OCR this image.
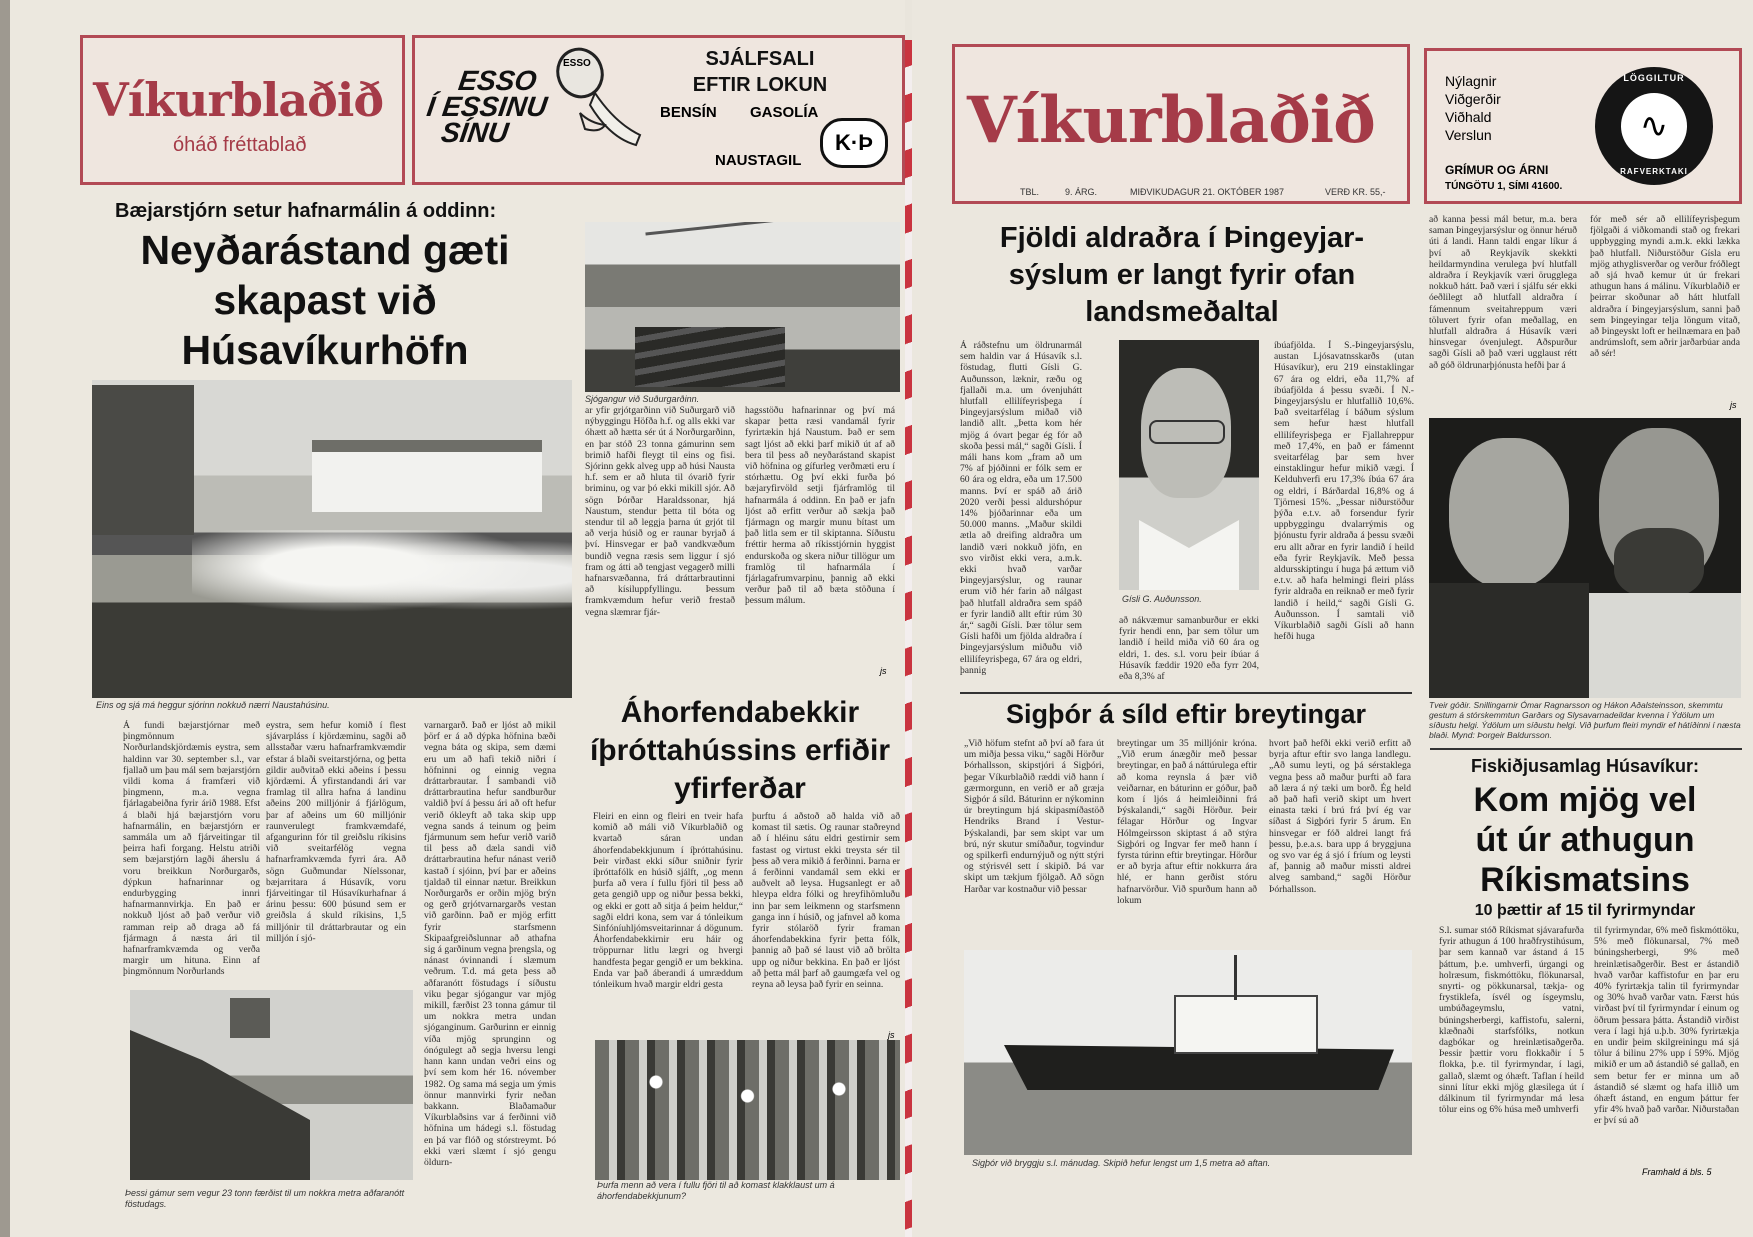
Víkurblaðið
óháð fréttablað
ESSO
Í ESSINU
SÍNU
ESSO	SJÁLFSALI
EFTIR LOKUN
BENSÍN GASOLÍA
NAUSTAGIL
K·Þ
Bæjarstjórn setur hafnarmálin á oddinn:
Neyðarástand gæti
skapast við
Húsavíkurhöfn
Eins og sjá má heggur sjórinn nokkuð nærri Naustahúsinu.
Á fundi bæjarstjórnar með þingmönnum Norðurlandskjördæmis eystra, sem haldinn var 30. september s.l., var fjallað um þau mál sem bæjarstjórn vildi koma á framfæri við þingmenn, m.a. vegna fjárlagabeiðna fyrir árið 1988. Efst á blaði hjá bæjarstjórn voru hafnarmálin, en bæjarstjórn er sammála um að fjárveitingar til þeirra hafi forgang. Helstu atriði sem bæjarstjórn lagði áherslu á voru breikkun Norðurgarðs, dýpkun hafnarinnar og endurbygging innri hafnarmannvirkja. En það er nokkuð ljóst að það verður við ramman reip að draga að fá fjármagn á næsta ári til hafnarframkvæmda og verða margir um hituna. Einn af þingmönnum Norðurlands
eystra, sem hefur komið í flest sjávarpláss í kjördæminu, sagði að allsstaðar væru hafnarframkvæmdir efstar á blaði sveitarstjórna, og þetta gildir auðvitað ekki aðeins í þessu kjördæmi. Á yfirstandandi ári var framlag til allra hafna á landinu aðeins 200 milljónir á fjárlögum, þar af aðeins um 60 milljónir raunverulegt framkvæmdafé, afgangurinn fór til greiðslu ríkisins við sveitarfélög vegna hafnarframkvæmda fyrri ára. Að sögn Guðmundar Níelssonar, bæjarritara á Húsavík, voru fjárveitingar til Húsavíkurhafnar á árinu þessu: 600 þúsund sem er greiðsla á skuld ríkisins, 1,5 milljónir til dráttarbrautar og ein milljón í sjó-
varnargarð. Það er ljóst að mikil þörf er á að dýpka höfnina bæði vegna báta og skipa, sem dæmi eru um að hafi tekið niðri í höfninni og einnig vegna dráttarbrautar. Í sambandi við dráttarbrautina hefur sandburður valdið því á þessu ári að oft hefur verið ókleyft að taka skip upp vegna sands á teinum og þeim fjármunum sem hefur verið varið til þess að dæla sandi við dráttarbrautina hefur nánast verið kastað í sjóinn, því þar er aðeins tjaldað til einnar nætur. Breikkun Norðurgarðs er orðin mjög brýn og gerð grjótvarnargarðs vestan við garðinn. Það er mjög erfitt fyrir starfsmenn Skipaafgreiðslunnar að athafna sig á garðinum vegna þrengsla, og nánast óvinnandi í slæmum veðrum. T.d. má geta þess að aðfaranótt föstudags í síðustu viku þegar sjógangur var mjög mikill, færðist 23 tonna gámur til um nokkra metra undan sjóganginum. Garðurinn er einnig víða mjög sprunginn og ónógulegt að segja hversu lengi hann kann undan veðri eins og því sem kom hér 16. nóvember 1982. Og sama má segja um ýmis önnur mannvirki fyrir neðan bakkann. Blaðamaður Víkurblaðsins var á ferðinni við höfnina um hádegi s.l. föstudag en þá var flóð og stórstreymt. Þó ekki væri slæmt í sjó gengu öldurn-
Þessi gámur sem vegur 23 tonn færðist til um nokkra metra aðfaranótt föstudags.
Sjógangur við Suðurgarðinn.
ar yfir grjótgarðinn við Suðurgarð við nýbyggingu Höfða h.f. og alls ekki var óhætt að hætta sér út á Norðurgarðinn, en þar stóð 23 tonna gámurinn sem brimið hafði fleygt til eins og fisi. Sjórinn gekk alveg upp að húsi Nausta h.f. sem er að hluta til óvarið fyrir briminu, og var þó ekki mikill sjór. Að sögn Þórðar Haraldssonar, hjá Naustum, stendur þetta til bóta og stendur til að leggja þarna út grjót til að verja húsið og er raunar byrjað á því. Hinsvegar er það vandkvæðum bundið vegna ræsis sem liggur í sjó fram og átti að tengjast vegagerð milli hafnarsvæðanna, frá dráttarbrautinni að kísiluppfyllingu. Þessum framkvæmdum hefur verið frestað vegna slæmrar fjár-
hagsstöðu hafnarinnar og því má skapar þetta ræsi vandamál fyrir fyrirtækin hjá Naustum. Það er sem sagt ljóst að ekki þarf mikið út af að bera til þess að neyðarástand skapist við höfnina og gífurleg verðmæti eru í stórhættu. Og því ekki furða þó bæjaryfirvöld setji fjárframlög til hafnarmála á oddinn. En það er jafn ljóst að erfitt verður að sækja það fjármagn og margir munu bítast um það litla sem er til skiptanna. Síðustu fréttir herma að ríkisstjórnin hyggist endurskoða og skera niður tillögur um framlög til hafnarmála í fjárlagafrumvarpinu, þannig að ekki verður það til að bæta stöðuna í þessum málum.
js
Áhorfendabekkir
íþróttahússins erfiðir
yfirferðar
Fleiri en einn og fleiri en tveir hafa komið að máli við Víkurblaðið og kvartað sáran undan áhorfendabekkjunum í íþróttahúsinu. Þeir virðast ekki síður sniðnir fyrir íþróttafólk en húsið sjálft, „og menn þurfa að vera í fullu fjöri til þess að geta gengið upp og niður þessa bekki, og ekki er gott að sitja á þeim heldur,“ sagði eldri kona, sem var á tónleikum Sinfóníuhljómsveitarinnar á dögunum. Áhorfendabekkirnir eru háir og tröppurnar litlu lægri og hvergi handfesta þegar gengið er um bekkina. Enda var það áberandi á umræddum tónleikum hvað margir eldri gesta
þurftu á aðstoð að halda við að komast til sætis. Og raunar staðreynd að í hléinu sátu eldri gestirnir sem fastast og virtust ekki treysta sér til þess að vera mikið á ferðinni. Þarna er á ferðinni vandamál sem ekki er auðvelt að leysa. Hugsanlegt er að hleypa eldra fólki og hreyfihömluðu inn þar sem leikmenn og starfsmenn ganga inn í húsið, og jafnvel að koma fyrir stólaröð fyrir framan áhorfendabekkina fyrir þetta fólk, þannig að það sé laust við að brölta upp og niður bekkina. En það er ljóst að þetta mál þarf að gaumgæfa vel og reyna að leysa það fyrir en seinna.
js
Þurfa menn að vera í fullu fjöri til að komast klakklaust um á áhorfendabekkjunum?
Víkurblaðið
TBL.	9. ÁRG.	MIÐVIKUDAGUR 21. OKTÓBER 1987	VERÐ KR. 55,-
Nýlagnir
Viðgerðir
Viðhald
Verslun
GRÍMUR OG ÁRNI
TÚNGÖTU 1, SÍMI 41600.
∿
LÖGGILTUR
RAFVERKTAKI
Fjöldi aldraðra í Þingeyjar-
sýslum er langt fyrir ofan
landsmeðaltal
Á ráðstefnu um öldrunarmál sem haldin var á Húsavík s.l. föstudag, flutti Gísli G. Auðunsson, læknir, ræðu og fjallaði m.a. um óvenjuhátt hlutfall ellilífeyrisþega í Þingeyjarsýslum miðað við landið allt. „Þetta kom hér mjög á óvart þegar ég fór að skoða þessi mál,“ sagði Gísli. Í máli hans kom „fram að um 7% af þjóðinni er fólk sem er 60 ára og eldra, eða um 17.500 manns. Því er spáð að árið 2020 verði þessi aldurshópur 14% þjóðarinnar eða um 50.000 manns. „Maður skildi ætla að dreifing aldraðra um landið væri nokkuð jöfn, en svo virðist ekki vera, a.m.k. ekki hvað varðar Þingeyjarsýslur, og raunar erum við hér farin að nálgast það hlutfall aldraðra sem spáð er fyrir landið allt eftir rúm 30 ár,“ sagði Gísli. Þær tölur sem Gísli hafði um fjölda aldraðra í Þingeyjarsýslum miðuðu við ellilífeyrisþega, 67 ára og eldri, þannig
Gísli G. Auðunsson.
íbúafjölda. Í S.-Þingeyjarsýslu, austan Ljósavatnsskarðs (utan Húsavíkur), eru 219 einstaklingar 67 ára og eldri, eða 11,7% af íbúafjölda á þessu svæði. Í N.-Þingeyjarsýslu er hlutfallið 10,6%. Það sveitarfélag í báðum sýslum sem hefur hæst hlutfall ellilífeyrisþega er Fjallahreppur með 17,4%, en það er fámennt sveitarfélag þar sem hver einstaklingur hefur mikið vægi. Í Kelduhverfi eru 17,3% íbúa 67 ára og eldri, í Bárðardal 16,8% og á Tjörnesi 15%. „Þessar niðurstöður þýða e.t.v. að forsendur fyrir uppbyggingu dvalarrýmis og þjónustu fyrir aldraða á þessu svæði eru allt aðrar en fyrir landið í heild eða fyrir Reykjavík. Með þessa aldursskiptingu í huga þá ættum við e.t.v. að hafa helmingi fleiri pláss fyrir aldraða en reiknað er með fyrir landið í heild,“ sagði Gísli G. Auðunsson. Í samtali við Víkurblaðið sagði Gísli að hann hefði huga
að nákvæmur samanburður er ekki fyrir hendi enn, þar sem tölur um landið í heild miða við 60 ára og eldri, 1. des. s.l. voru þeir íbúar á Húsavík fæddir 1920 eða fyrr 204, eða 8,3% af
að kanna þessi mál betur, m.a. bera saman Þingeyjarsýslur og önnur héruð úti á landi. Hann taldi engar líkur á því að Reykjavík skekkti heildarmyndina verulega því hlutfall aldraðra í Reykjavík væri örugglega nokkuð hátt. Það væri í sjálfu sér ekki óeðlilegt að hlutfall aldraðra í fámennum sveitahreppum væri töluvert fyrir ofan meðallag, en hlutfall aldraðra á Húsavík væri hinsvegar óvenjulegt. Aðspurður sagði Gísli að það væri ugglaust rétt að góð öldrunarþjónusta hefði þar á
fór með sér að ellilífeyrisþegum fjölgaði á viðkomandi stað og frekari uppbygging myndi a.m.k. ekki lækka það hlutfall. Niðurstöður Gísla eru mjög athyglisverðar og verður fróðlegt að sjá hvað kemur út úr frekari athugun hans á málinu. Víkurblaðið er þeirrar skoðunar að hátt hlutfall aldraðra í Þingeyjarsýslum, sanni það sem Þingeyingar telja löngum vitað, að Þingeyskt loft er heilnæmara en það andrúmsloft, sem aðrir jarðarbúar anda að sér!
js
Tveir góðir. Snillingarnir Ómar Ragnarsson og Hákon Aðalsteinsson, skemmtu gestum á stórskemmtun Garðars og Slysavarnadeildar kvenna í Ýdölum um síðustu helgi. Ýdölum um síðustu helgi. Við þurfum fleiri myndir ef hátíðinni í næsta blaði. Mynd: Þorgeir Baldursson.
Sigþór á síld eftir breytingar
„Við höfum stefnt að því að fara út um miðja þessa viku,“ sagði Hörður Þórhallsson, skipstjóri á Sigþóri, þegar Víkurblaðið ræddi við hann í gærmorgunn, en verið er að græja Sigþór á síld. Báturinn er nýkominn úr breytingum hjá skipasmíðastöð Hendriks Brand í Vestur-Þýskalandi, þar sem skipt var um brú, nýr skutur smíðaður, togvindur og spilkerfi endurnýjuð og nýtt stýri og stýrisvél sett í skipið. Þá var skipt um tækjum fjölgað. Að sögn Harðar var kostnaður við þessar
breytingar um 35 milljónir króna. „Við erum ánægðir með þessar breytingar, en það á náttúrulega eftir að koma reynsla á þær við veiðarnar, en báturinn er góður, það kom í ljós á heimleiðinni frá Þýskalandi,“ sagði Hörður. Þeir félagar Hörður og Ingvar Hólmgeirsson skiptast á að stýra Sigþóri og Ingvar fer með hann í fyrsta túrinn eftir breytingar. Hörður er að byrja aftur eftir nokkurra ára hlé, er hann gerðist stóru hafnarvörður. Við spurðum hann að lokum
hvort það hefði ekki verið erfitt að byrja aftur eftir svo langa landlegu. „Að sumu leyti, og þá sérstaklega vegna þess að maður þurfti að fara að læra á ný tæki um borð. Ég held að það hafi verið skipt um hvert einasta tæki í brú frá því ég var síðast á Sigþóri fyrir 5 árum. En hinsvegar er fóð aldrei langt frá þessu, þ.e.a.s. bara upp á bryggjuna og svo var ég á sjó í fríum og leysti af, þannig að maður missti aldrei alveg samband,“ sagði Hörður Þórhallsson.
Sigþór við bryggju s.l. mánudag. Skipið hefur lengst um 1,5 metra að aftan.
Fiskiðjusamlag Húsavíkur:
Kom mjög vel
út úr athugun
Ríkismatsins
10 þættir af 15 til fyrirmyndar
S.l. sumar stóð Ríkismat sjávarafurða fyrir athugun á 100 hraðfrystihúsum, þar sem kannað var ástand á 15 þáttum, þ.e. umhverfi, úrgangi og holræsum, fiskmóttöku, flökunarsal, snyrti- og pökkunarsal, tækja- og frystiklefa, ísvél og ísgeymslu, umbúðageymslu, vatni, búningsherbergi, kaffistofu, salerni, klæðnaði starfsfólks, notkun dagbókar og hreinlætisaðgerða. Þessir þættir voru flokkaðir í 5 flokka, þ.e. til fyrirmyndar, í lagi, gallað, slæmt og óhæft. Taflan í heild sinni lítur ekki mjög glæsilega út í dálkinum til fyrirmyndar má lesa tölur eins og 6% húsa með umhverfi
til fyrirmyndar, 6% með fiskmóttöku, 5% með flökunarsal, 7% með búningsherbergi, 9% með hreinlætisaðgerðir. Best er ástandið hvað varðar kaffistofur en þar eru 40% fyrirtækja talin til fyrirmyndar og 30% hvað varðar vatn. Færst hús virðast því til fyrirmyndar í einum og öðrum þessara þátta. Ástandið virðist vera í lagi hjá u.þ.b. 30% fyrirtækja en undir þeim skilgreiningu má sjá tölur á bilinu 27% upp í 59%. Mjög mikið er um að ástandið sé gallað, en sem betur fer er minna um að ástandið sé slæmt og hafa illið um óhæft ástand, en engum þáttur fer yfir 4% hvað það varðar. Niðurstaðan er því sú að
Framhald á bls. 5
